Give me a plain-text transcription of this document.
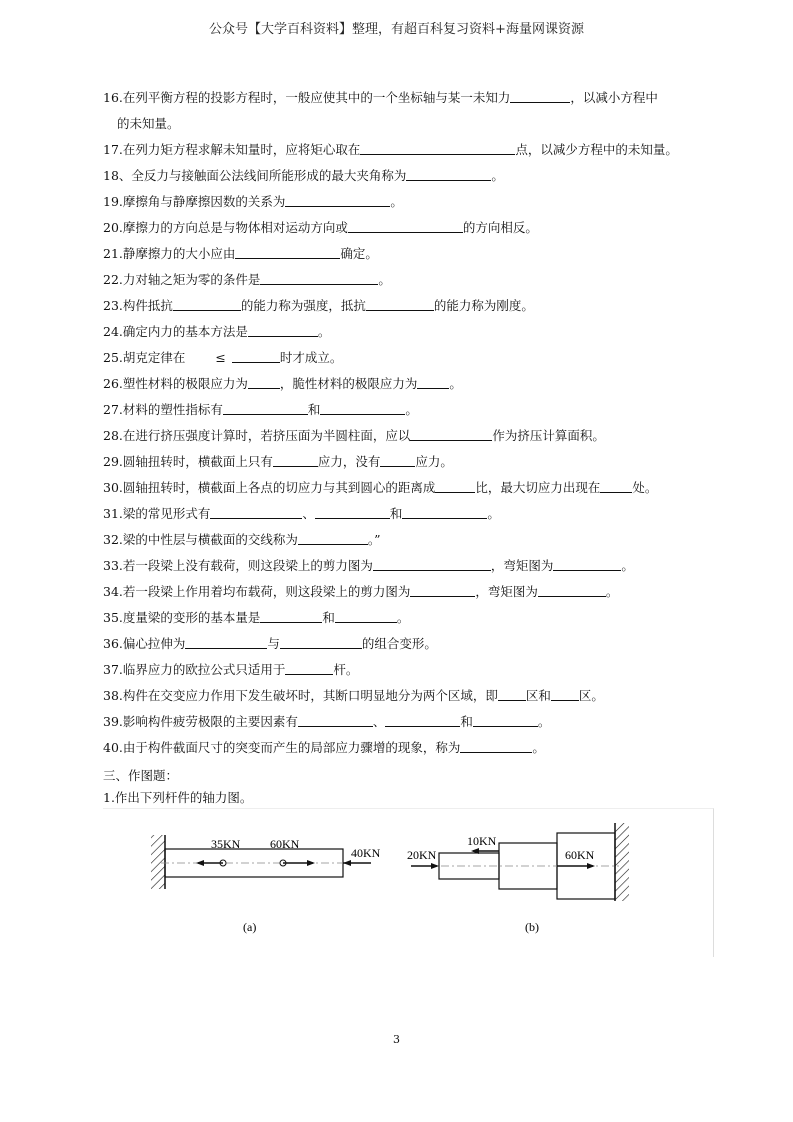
公众号【大学百科资料】整理，有超百科复习资料+海量网课资源
16.在列平衡方程的投影方程时，一般应使其中的一个坐标轴与某一未知力	，以减小方程中
的未知量。
17.在列力矩方程求解未知量时，应将矩心取在	点，以减少方程中的未知量。
18、全反力与接触面公法线间所能形成的最大夹角称为	。
19.摩擦角与静摩擦因数的关系为	。
20.摩擦力的方向总是与物体相对运动方向或	的方向相反。
21.静摩擦力的大小应由	确定。
22.力对轴之矩为零的条件是	。
23.构件抵抗	的能力称为强度，抵抗	的能力称为刚度。
24.确定内力的基本方法是	。
25.胡克定律在 ≤	时才成立。
26.塑性材料的极限应力为	，脆性材料的极限应力为	。
27.材料的塑性指标有	和	。
28.在进行挤压强度计算时，若挤压面为半圆柱面，应以	作为挤压计算面积。
29.圆轴扭转时，横截面上只有	应力，没有	应力。
30.圆轴扭转时，横截面上各点的切应力与其到圆心的距离成	比，最大切应力出现在	处。
31.梁的常见形式有	、	和	。
32.梁的中性层与横截面的交线称为	。”
33.若一段梁上没有载荷，则这段梁上的剪力图为	，弯矩图为	。
34.若一段梁上作用着均布载荷，则这段梁上的剪力图为	，弯矩图为	。
35.度量梁的变形的基本量是	和	。
36.偏心拉伸为	与	的组合变形。
37.临界应力的欧拉公式只适用于	杆。
38.构件在交变应力作用下发生破坏时，其断口明显地分为两个区域，即 区和 区。
39.影响构件疲劳极限的主要因素有	、	和	。
40.由于构件截面尺寸的突变而产生的局部应力骤增的现象，称为	。
三、作图题：
1.作出下列杆件的轴力图。
35KN 60KN
40KN
(a)
20KN
10KN
60KN
(b)
3
